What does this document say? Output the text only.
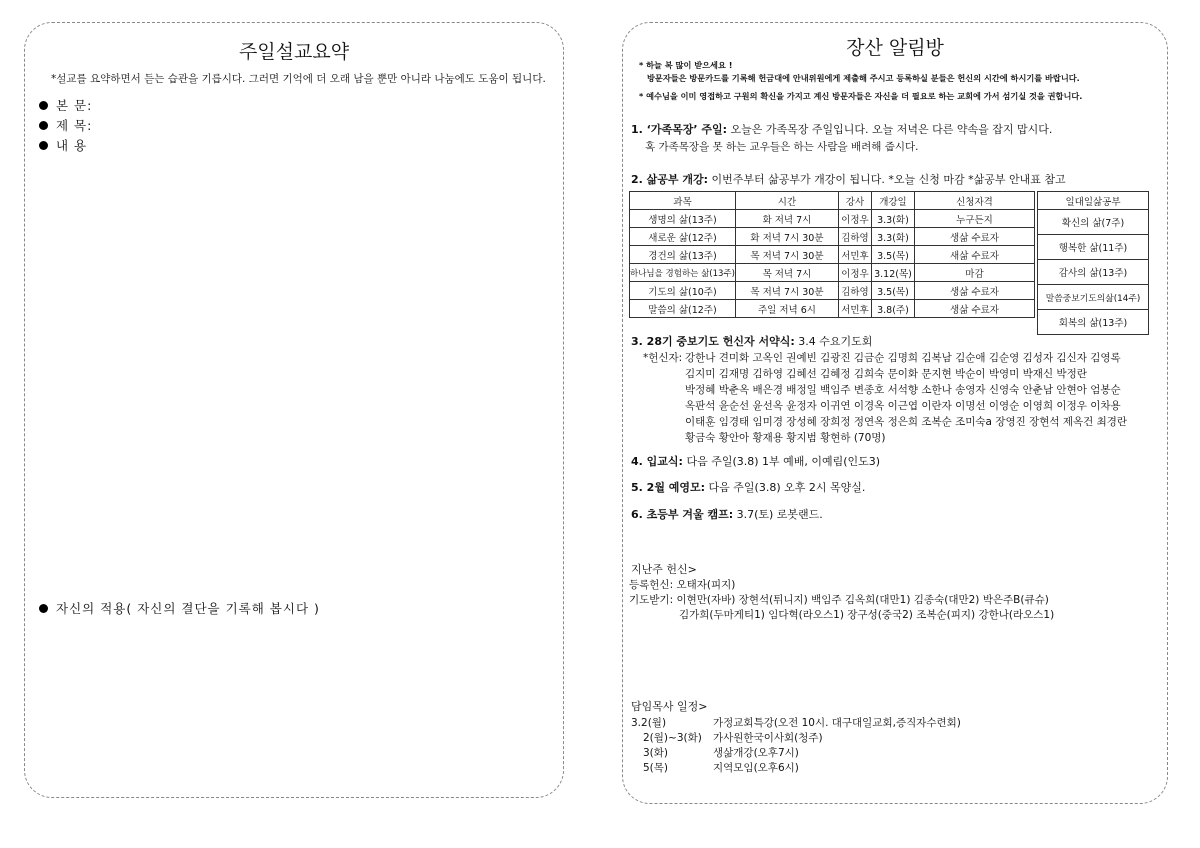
주일설교요약
*설교를 요약하면서 듣는 습관을 기릅시다. 그러면 기억에 더 오래 남을 뿐만 아니라 나눔에도 도움이 됩니다.
본 문:
제 목:
내 용
자신의 적용( 자신의 결단을 기록해 봅시다 )
장산 알림방
* 하늘 복 많이 받으세요 !
방문자들은 방문카드를 기록해 헌금대에 안내위원에게 제출해 주시고 등록하실 분들은 헌신의 시간에 하시기를 바랍니다.
* 예수님을 이미 영접하고 구원의 확신을 가지고 계신 방문자들은 자신을 더 필요로 하는 교회에 가서 섬기실 것을 권합니다.
1. ‘가족목장’ 주일: 오늘은 가족목장 주일입니다. 오늘 저녁은 다른 약속을 잡지 맙시다.
혹 가족목장을 못 하는 교우들은 하는 사람을 배려해 줍시다.
2. 삶공부 개강: 이번주부터 삶공부가 개강이 됩니다. *오늘 신청 마감 *삶공부 안내표 참고
과목	시간	강사	개강일	신청자격
생명의 삶(13주)	화 저녁 7시	이정우	3.3(화)	누구든지
새로운 삶(12주)	화 저녁 7시 30분	김하영	3.3(화)	생삶 수료자
경건의 삶(13주)	목 저녁 7시 30분	서민후	3.5(목)	새삶 수료자
하나님을 경험하는 삶(13주)	목 저녁 7시	이정우	3.12(목)	마감
기도의 삶(10주)	목 저녁 7시 30분	김하영	3.5(목)	생삶 수료자
말씀의 삶(12주)	주일 저녁 6시	서민후	3.8(주)	생삶 수료자
일대일삶공부
확신의 삶(7주)
행복한 삶(11주)
감사의 삶(13주)
말씀중보기도의삶(14주)
회복의 삶(13주)
3. 28기 중보기도 헌신자 서약식: 3.4 수요기도회
*헌신자: 강한나 견미화 고옥인 권예빈 김광진 김금순 김명희 김복남 김순애 김순영 김성자 김신자 김영록
김지미 김재명 김하영 김혜선 김혜정 김희숙 문이화 문지현 박순이 박영미 박재신 박정란
박정혜 박춘옥 배은경 배정일 백임주 변종호 서석향 소한나 송영자 신영숙 안춘남 안현아 엄봉순
옥판석 윤순선 윤선옥 윤정자 이귀연 이경옥 이근엽 이란자 이명선 이영순 이영희 이정우 이차용
이태훈 임경태 임미경 장성혜 장희정 정연옥 정은희 조복순 조미숙a 장영진 장현석 제옥건 최경란
황금숙 황안아 황재용 황지범 황현하 (70명)
4. 입교식: 다음 주일(3.8) 1부 예배, 이예림(인도3)
5. 2월 예영모: 다음 주일(3.8) 오후 2시 목양실.
6. 초등부 겨울 캠프: 3.7(토) 로봇랜드.
지난주 헌신>
등록헌신: 오태자(피지)
기도받기: 이현만(자바) 장현석(튀니지) 백임주 김옥희(대만1) 김종숙(대만2) 박은주B(큐슈)
김가희(두마게티1) 임다혁(라오스1) 장구성(중국2) 조복순(피지) 강한나(라오스1)
담임목사 일정>
3.2(월)	가정교회특강(오전 10시. 대구대일교회,증직자수련회)
2(월)~3(화) 가사원한국이사회(청주)
3(화)	생삶개강(오후7시)
5(목)	지역모임(오후6시)
